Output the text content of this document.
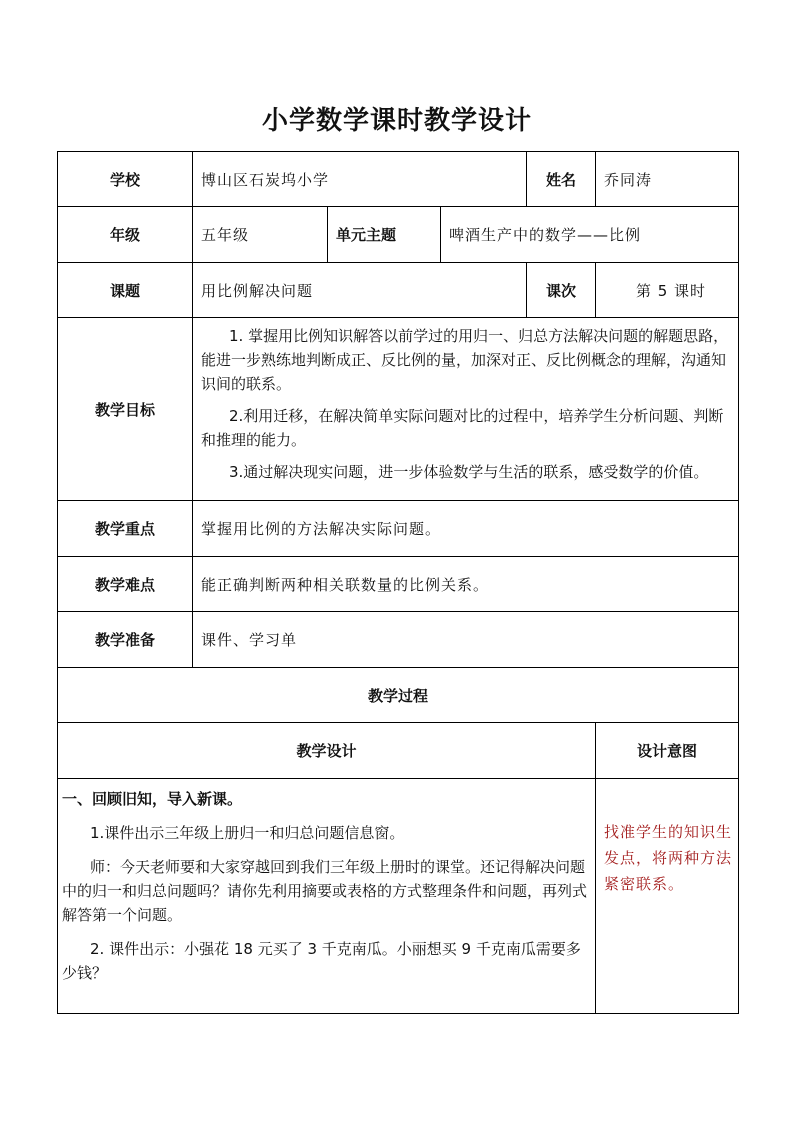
小学数学课时教学设计
学校	博山区石炭坞小学			姓名	乔同涛
年级	五年级	单元主题	啤酒生产中的数学——比例		
课题	用比例解决问题			课次	第 5 课时
教学目标	1. 掌握用比例知识解答以前学过的用归一、归总方法解决问题的解题思路，能进一步熟练地判断成正、反比例的量，加深对正、反比例概念的理解，沟通知识间的联系。

2.利用迁移，在解决简单实际问题对比的过程中，培养学生分析问题、判断和推理的能力。

3.通过解决现实问题，进一步体验数学与生活的联系，感受数学的价值。				

教学重点	掌握用比例的方法解决实际问题。				
教学难点	能正确判断两种相关联数量的比例关系。				
教学准备	课件、学习单				
教学过程					
教学设计					设计意图

一、回顾旧知，导入新课。

1.课件出示三年级上册归一和归总问题信息窗。

师：今天老师要和大家穿越回到我们三年级上册时的课堂。还记得解决问题中的归一和归总问题吗？请你先利用摘要或表格的方式整理条件和问题，再列式解答第一个问题。

2. 课件出示：小强花 18 元买了 3 千克南瓜。小丽想买 9 千克南瓜需要多少钱？					找准学生的知识生发点，将两种方法紧密联系。
